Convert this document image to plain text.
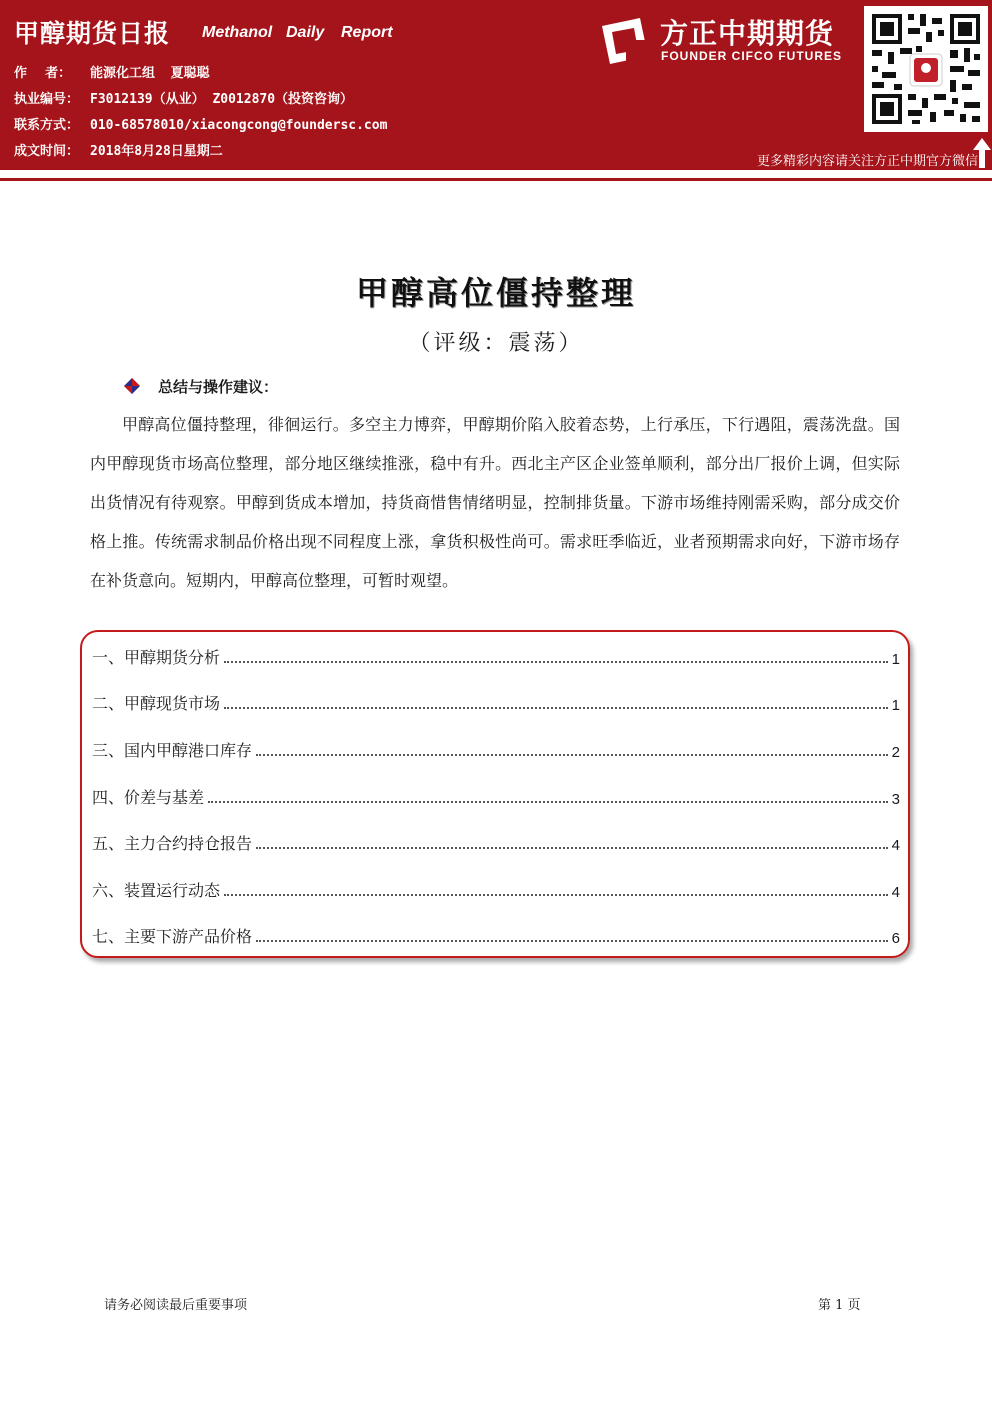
甲醇期货日报 Methanol Daily Report
作    者： 能源化工组  夏聪聪
执业编号： F3012139（从业） Z0012870（投资咨询）
联系方式： 010-68578010/xiacongcong@foundersc.com
成文时间： 2018年8月28日星期二
方正中期期货
FOUNDER CIFCO FUTURES
更多精彩内容请关注方正中期官方微信
甲醇高位僵持整理
（评级：震荡）
总结与操作建议：

甲醇高位僵持整理，徘徊运行。多空主力博弈，甲醇期价陷入胶着态势，上行承压，下行遇阻，震荡洗盘。国内甲醇现货市场高位整理，部分地区继续推涨，稳中有升。西北主产区企业签单顺利，部分出厂报价上调，但实际出货情况有待观察。甲醇到货成本增加，持货商惜售情绪明显，控制排货量。下游市场维持刚需采购，部分成交价格上推。传统需求制品价格出现不同程度上涨，拿货积极性尚可。需求旺季临近，业者预期需求向好，下游市场存在补货意向。短期内，甲醇高位整理，可暂时观望。

一、甲醇期货分析	1
二、甲醇现货市场	1
三、国内甲醇港口库存	2
四、价差与基差	3
五、主力合约持仓报告	4
六、装置运行动态	4
七、主要下游产品价格	6
请务必阅读最后重要事项	第 1 页
